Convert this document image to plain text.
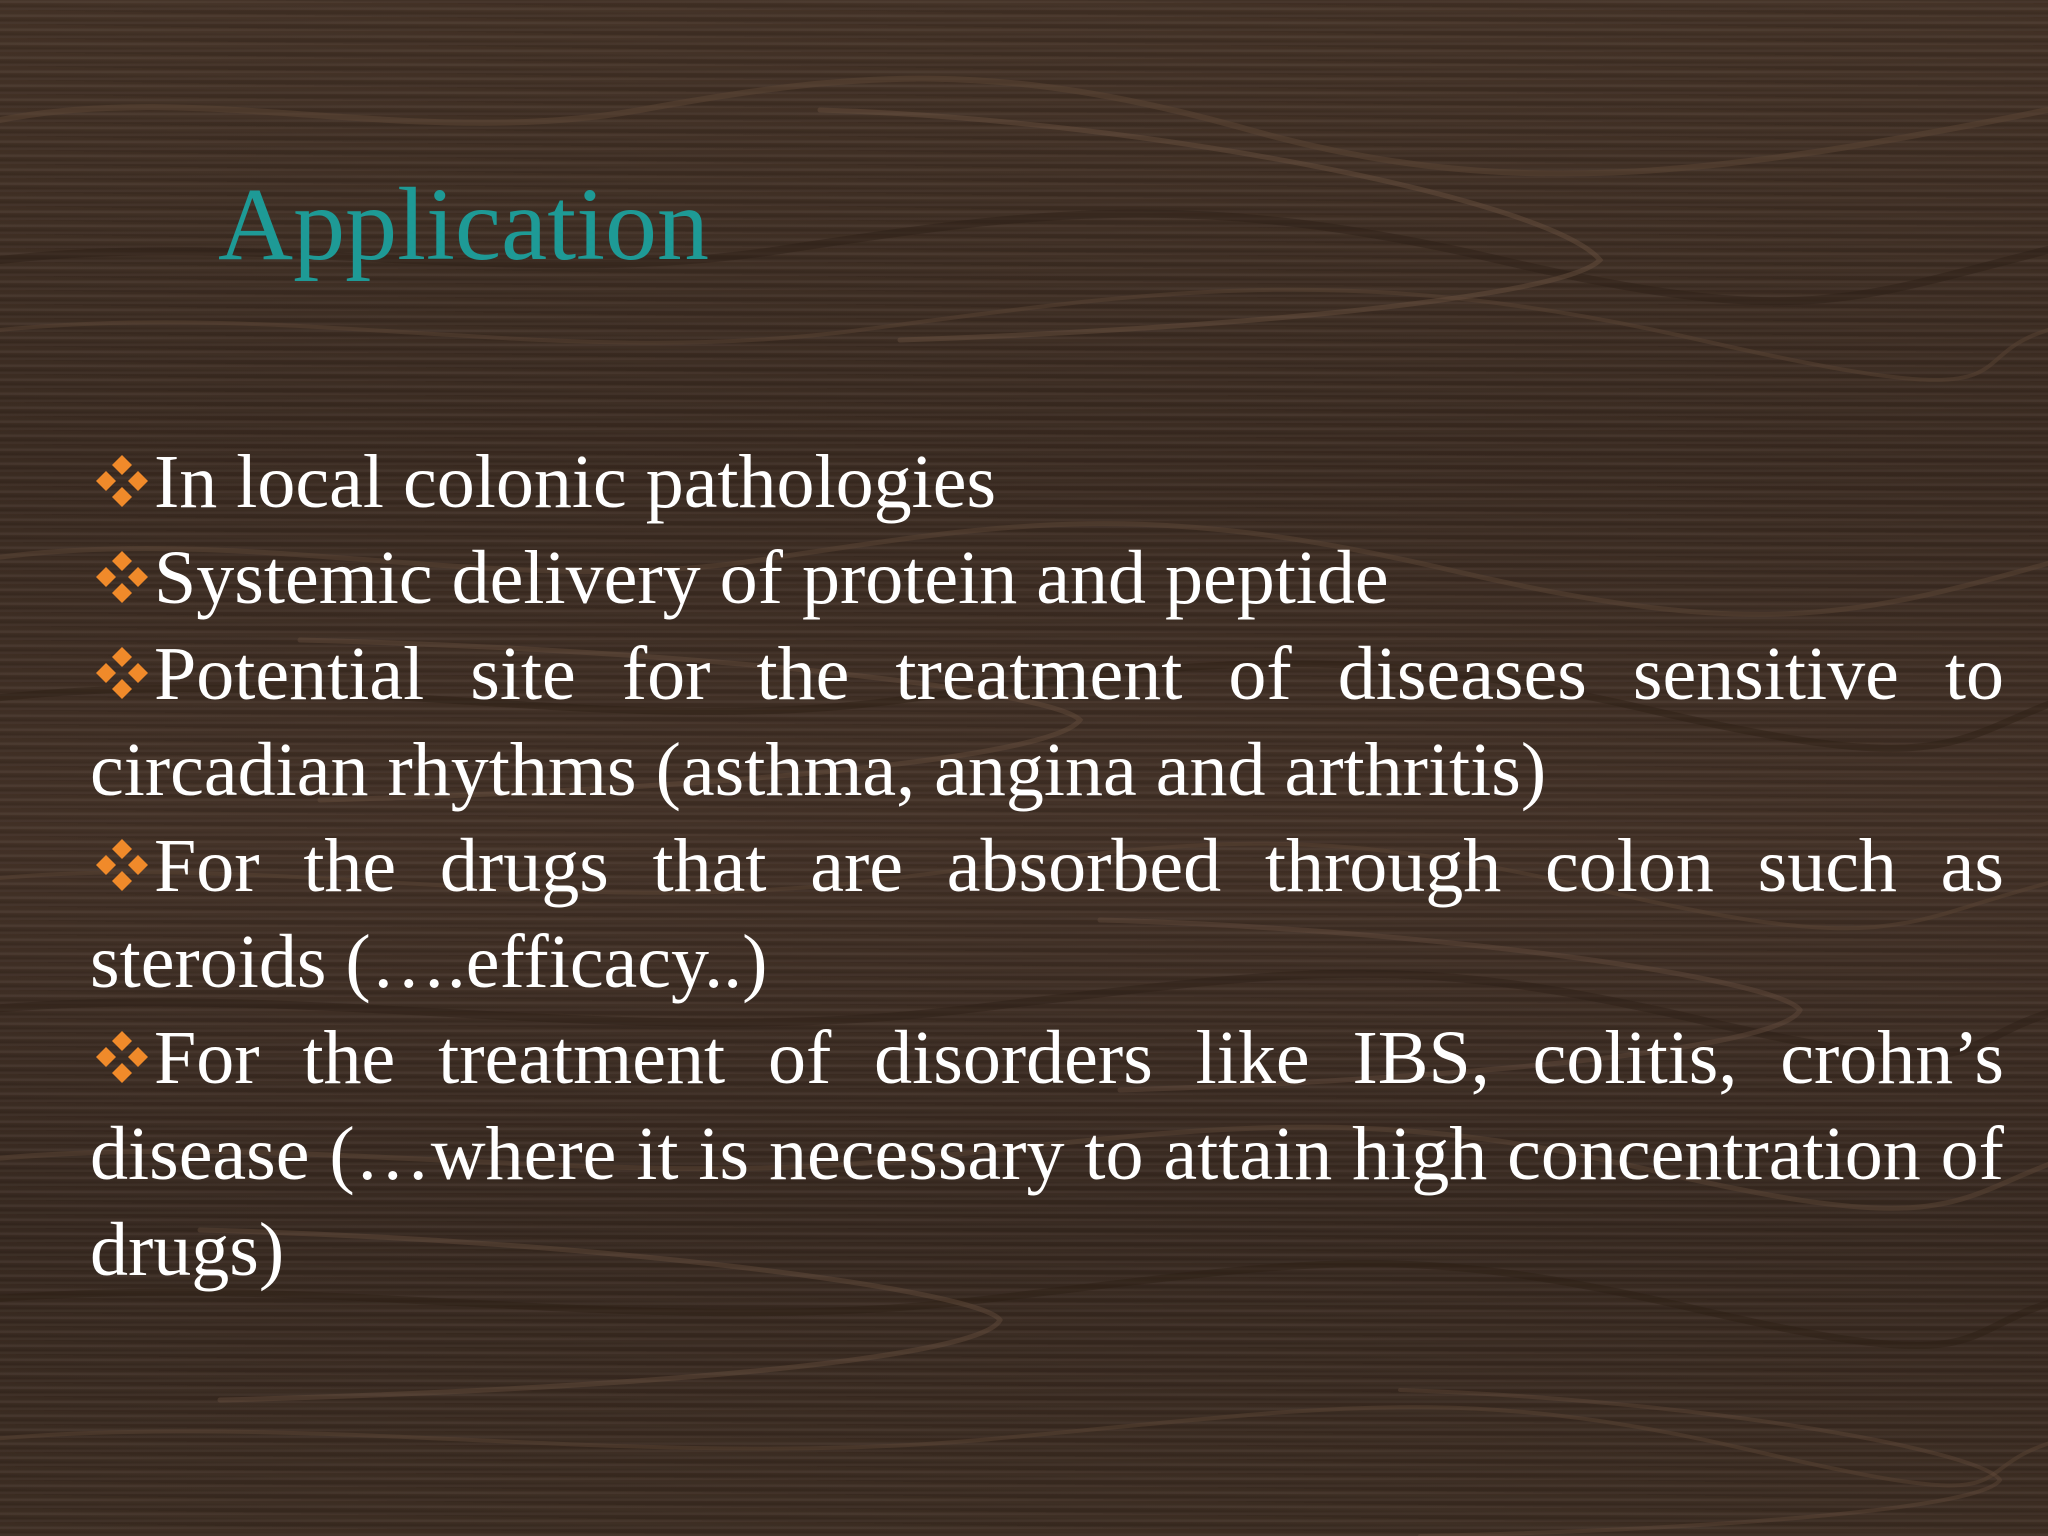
Application
In local colonic pathologies
Systemic delivery of protein and peptide
Potential site for the treatment of diseases sensitive to circadian rhythms (asthma, angina and arthritis)
For the drugs that are absorbed through colon such as steroids (….efficacy..)
For the treatment of disorders like IBS, colitis, crohn’s disease (…where it is necessary to attain high concentration of drugs)
